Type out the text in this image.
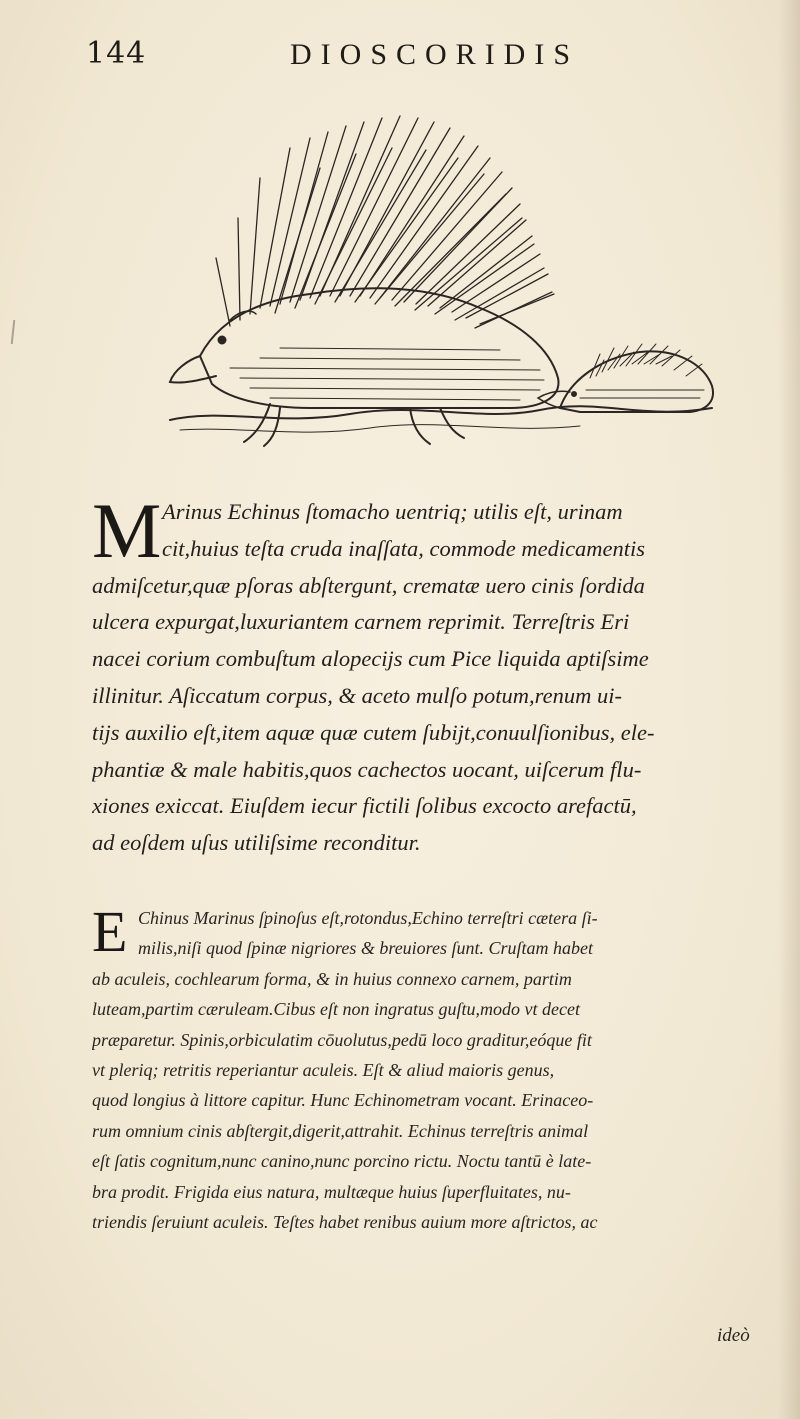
144	DIOSCORIDIS
M Arinus Echinus ſtomacho uentriq; utilis eſt, urinam
cit,huius teſta cruda inaſſata, commode medicamentis
admiſcetur,quæ pſoras abſtergunt, crematæ uero cinis ſordida
ulcera expurgat,luxuriantem carnem reprimit. Terreſtris Eri
nacei corium combuſtum alopecijs cum Pice liquida aptiſsime
illinitur. Aſiccatum corpus, & aceto mulſo potum,renum ui-
tijs auxilio eſt,item aquæ quæ cutem ſubijt,conuulſionibus, ele-
phantiæ & male habitis,quos cachectos uocant, uiſcerum flu-
xiones exiccat. Eiuſdem iecur fictili ſolibus excocto arefactū,
ad eoſdem uſus utiliſsime reconditur.
E Chinus Marinus ſpinoſus eſt,rotondus,Echino terreſtri cætera ſi-
milis,niſi quod ſpinæ nigriores & breuiores ſunt. Cruſtam habet
ab aculeis, cochlearum forma, & in huius connexo carnem, partim
luteam,partim cæruleam.Cibus eſt non ingratus guſtu,modo vt decet
præparetur. Spinis,orbiculatim cōuolutus,pedū loco graditur,eóque fit
vt pleriq; retritis reperiantur aculeis. Eſt & aliud maioris genus,
quod longius à littore capitur. Hunc Echinometram vocant. Erinaceo-
rum omnium cinis abſtergit,digerit,attrahit. Echinus terreſtris animal
eſt ſatis cognitum,nunc canino,nunc porcino rictu. Noctu tantū è late-
bra prodit. Frigida eius natura, multæque huius ſuperfluitates, nu-
triendis ſeruiunt aculeis. Teſtes habet renibus auium more aſtrictos, ac
ideò
